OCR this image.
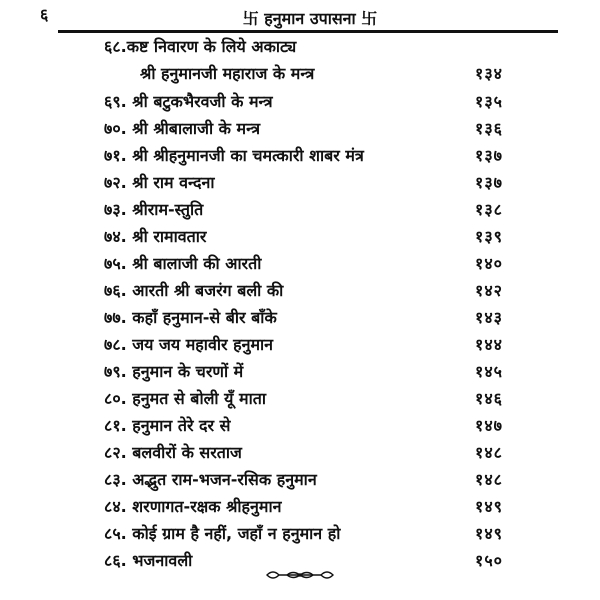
६	卐 हनुमान उपासना 卐
६८.कष्ट निवारण के लिये अकाट्य
श्री हनुमानजी महाराज के मन्त्र	१३४
६९. श्री बटुकभैरवजी के मन्त्र	१३५
७०. श्री श्रीबालाजी के मन्त्र	१३६
७१. श्री श्रीहनुमानजी का चमत्कारी शाबर मंत्र	१३७
७२. श्री राम वन्दना	१३७
७३. श्रीराम-स्तुति	१३८
७४. श्री रामावतार	१३९
७५. श्री बालाजी की आरती	१४०
७६. आरती श्री बजरंग बली की	१४२
७७. कहाँ हनुमान-से बीर बाँके	१४३
७८. जय जय महावीर हनुमान	१४४
७९. हनुमान के चरणों में	१४५
८०. हनुमत से बोली यूँ माता	१४६
८१. हनुमान तेरे दर से	१४७
८२. बलवीरों के सरताज	१४८
८३. अद्भुत राम-भजन-रसिक हनुमान	१४८
८४. शरणागत-रक्षक श्रीहनुमान	१४९
८५. कोई ग्राम है नहीं, जहाँ न हनुमान हो	१४९
८६. भजनावली	१५०
